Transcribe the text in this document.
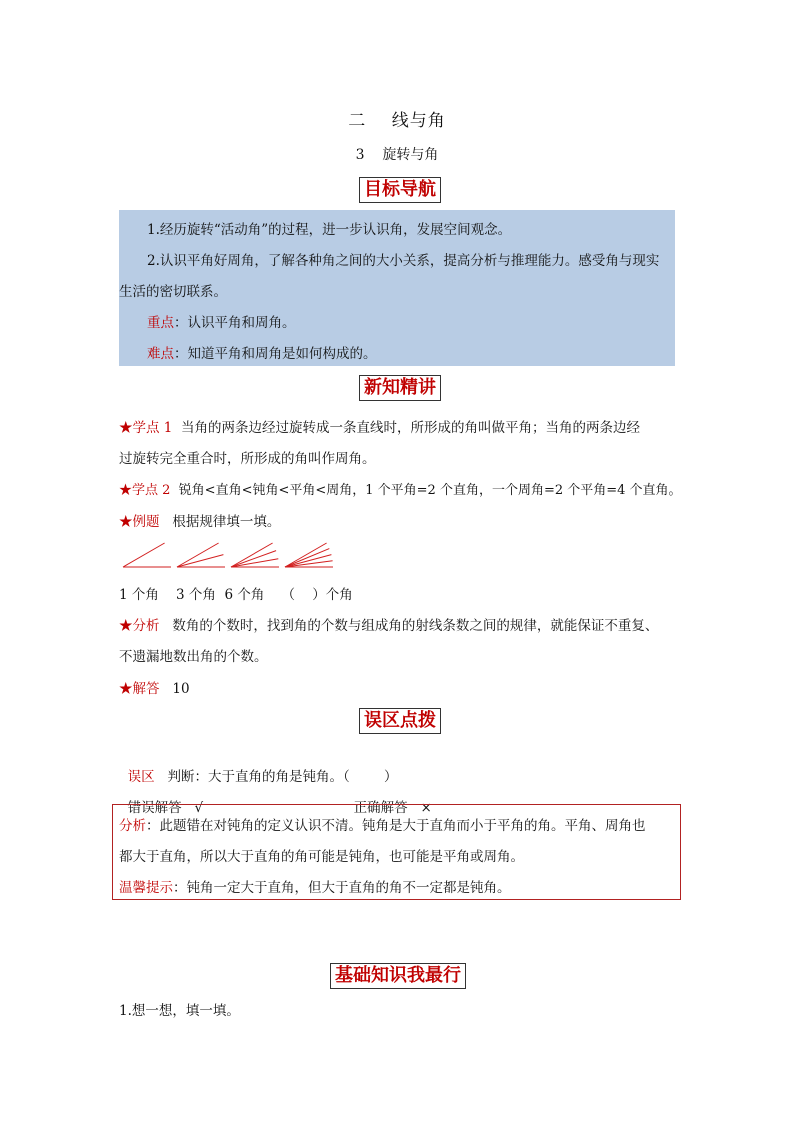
二    线与角
3    旋转与角
目标导航
1.经历旋转“活动角”的过程，进一步认识角，发展空间观念。
2.认识平角好周角，了解各种角之间的大小关系，提高分析与推理能力。感受角与现实
生活的密切联系。
重点：认识平角和周角。
难点：知道平角和周角是如何构成的。
新知精讲
★学点 1 当角的两条边经过旋转成一条直线时，所形成的角叫做平角；当角的两条边经
过旋转完全重合时，所形成的角叫作周角。
★学点 2 锐角<直角<钝角<平角<周角，1 个平角=2 个直角，一个周角=2 个平角=4 个直角。
★例题 根据规律填一填。
1 个角    3 个角  6 个角    （    ）个角
★分析 数角的个数时，找到角的个数与组成角的射线条数之间的规律，就能保证不重复、
不遗漏地数出角的个数。
★解答 10
误区点拨

误区 判断：大于直角的角是钝角。（        ）

错误解答 √	正确解答 ×

分析：此题错在对钝角的定义认识不清。钝角是大于直角而小于平角的角。平角、周角也
都大于直角，所以大于直角的角可能是钝角，也可能是平角或周角。
温馨提示：钝角一定大于直角，但大于直角的角不一定都是钝角。
基础知识我最行
1.想一想，填一填。
